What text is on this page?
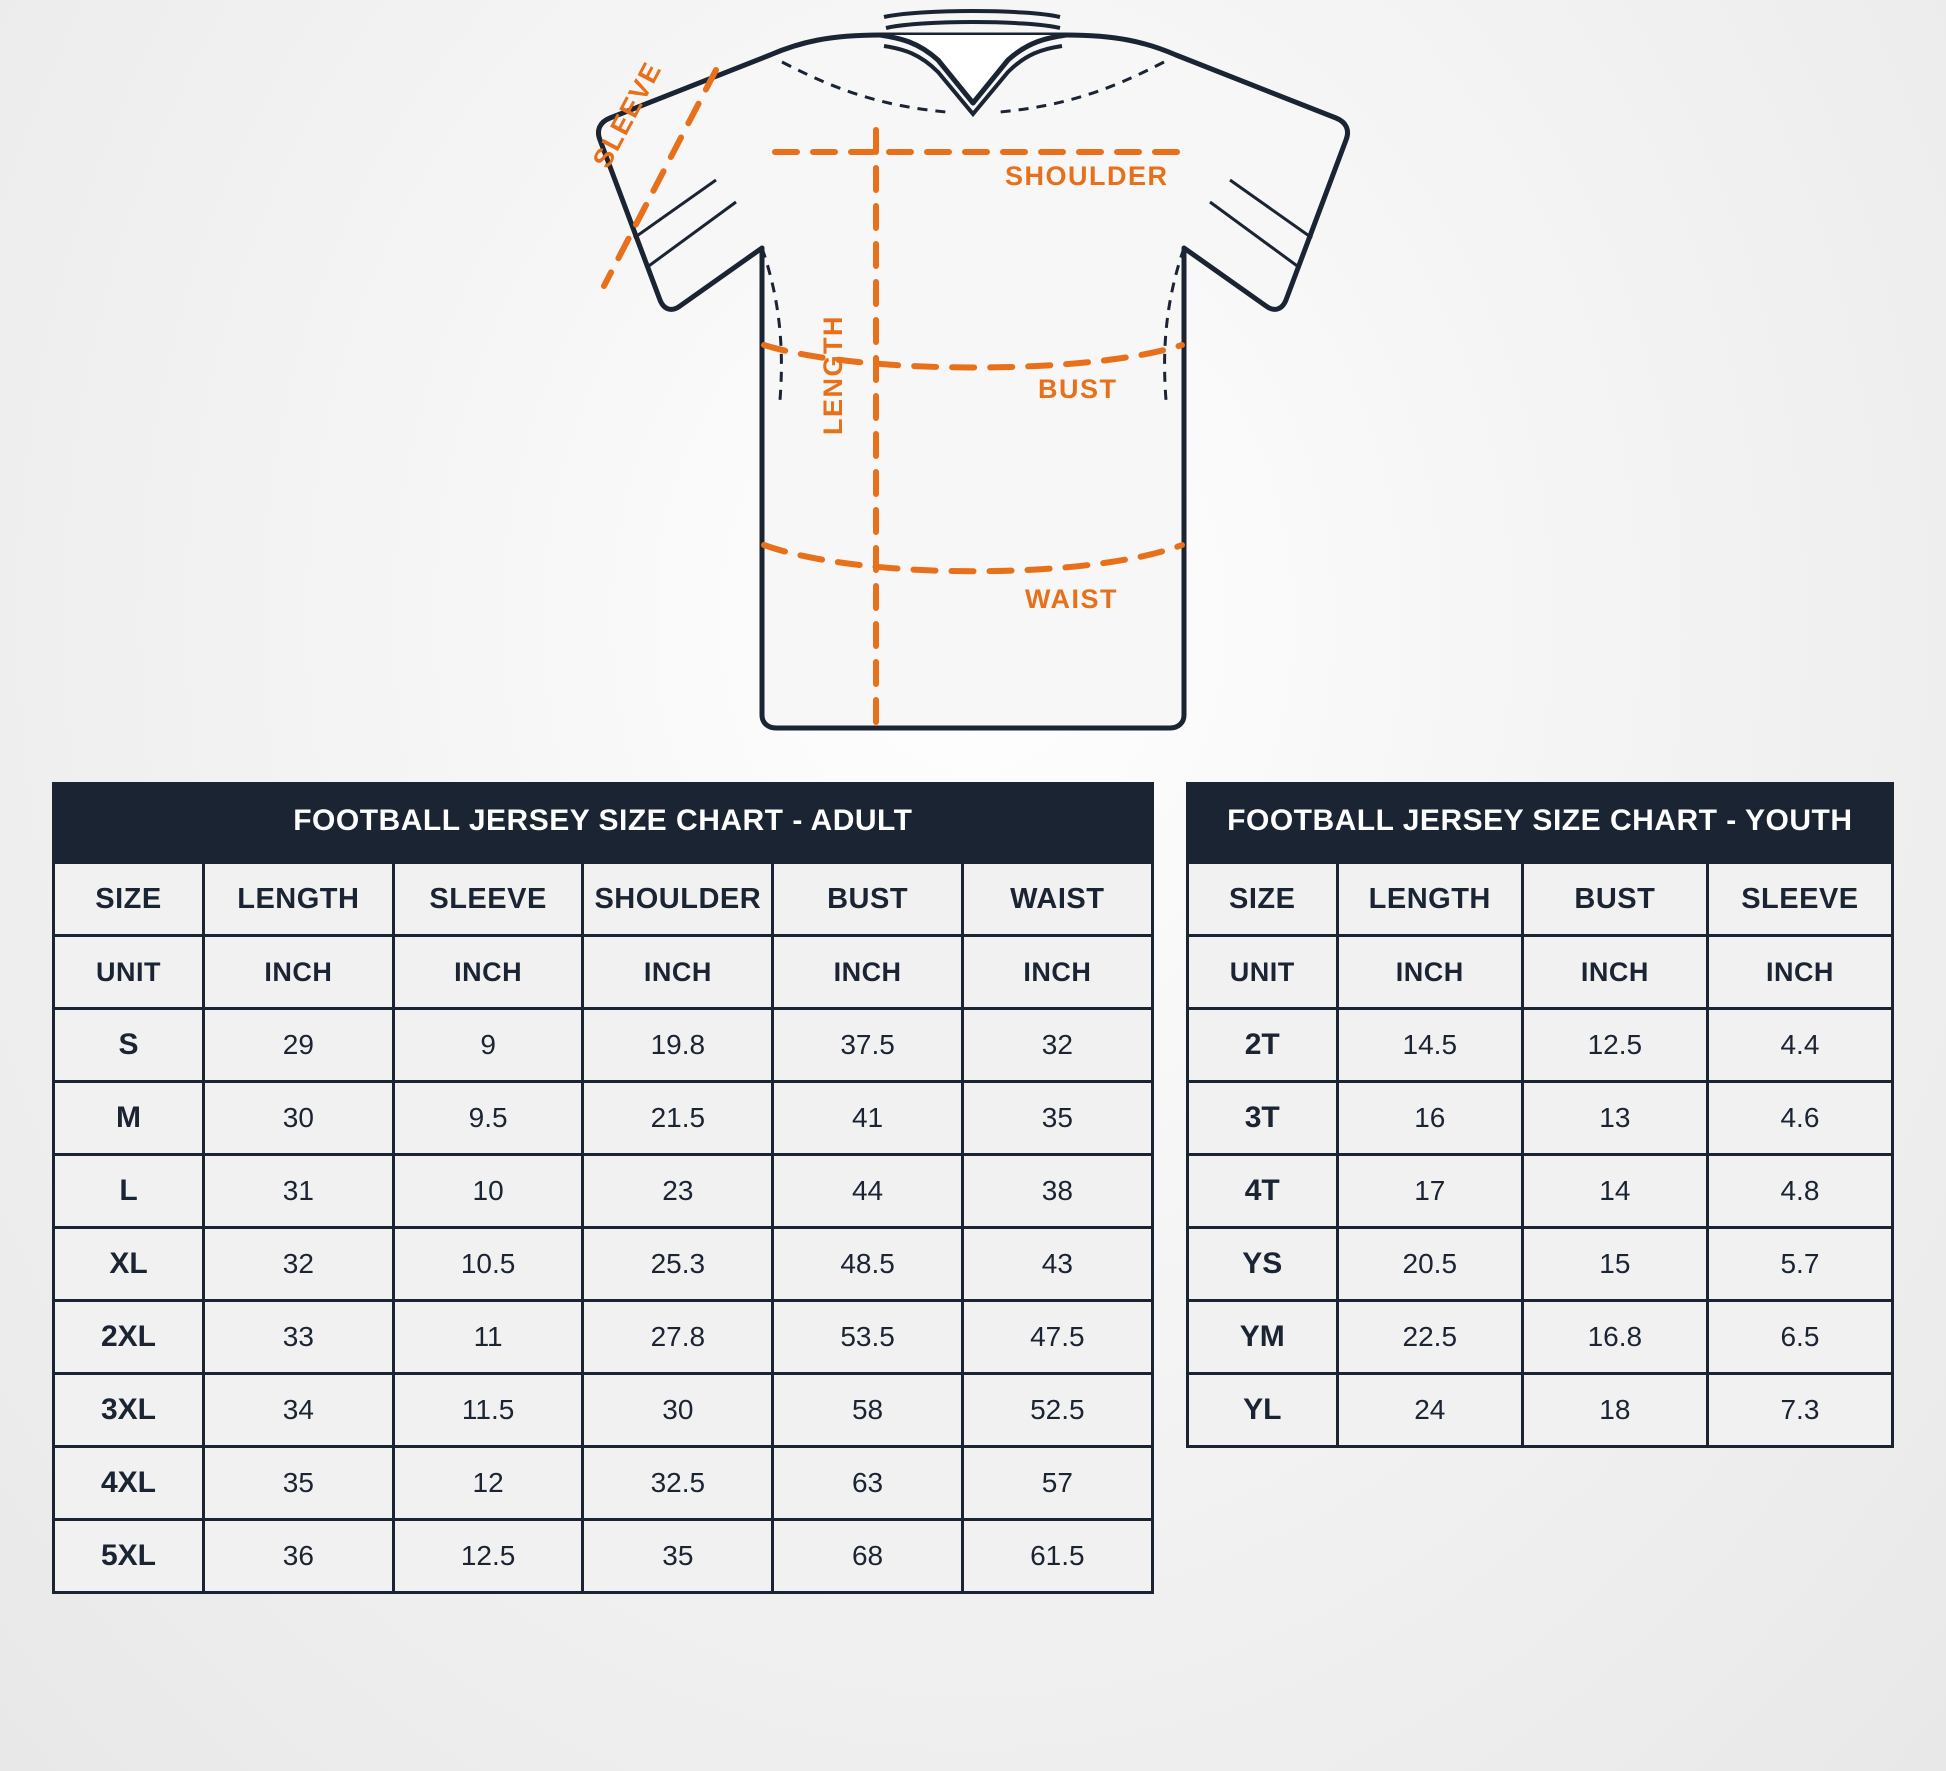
SHOULDER
BUST
WAIST
SLEEVE
LENGTH
FOOTBALL JERSEY SIZE CHART - ADULT
SIZE	LENGTH	SLEEVE	SHOULDER	BUST	WAIST
UNIT	INCH	INCH	INCH	INCH	INCH
S	29	9	19.8	37.5	32
M	30	9.5	21.5	41	35
L	31	10	23	44	38
XL	32	10.5	25.3	48.5	43
2XL	33	11	27.8	53.5	47.5
3XL	34	11.5	30	58	52.5
4XL	35	12	32.5	63	57
5XL	36	12.5	35	68	61.5
FOOTBALL JERSEY SIZE CHART - YOUTH
SIZE	LENGTH	BUST	SLEEVE
UNIT	INCH	INCH	INCH
2T	14.5	12.5	4.4
3T	16	13	4.6
4T	17	14	4.8
YS	20.5	15	5.7
YM	22.5	16.8	6.5
YL	24	18	7.3
